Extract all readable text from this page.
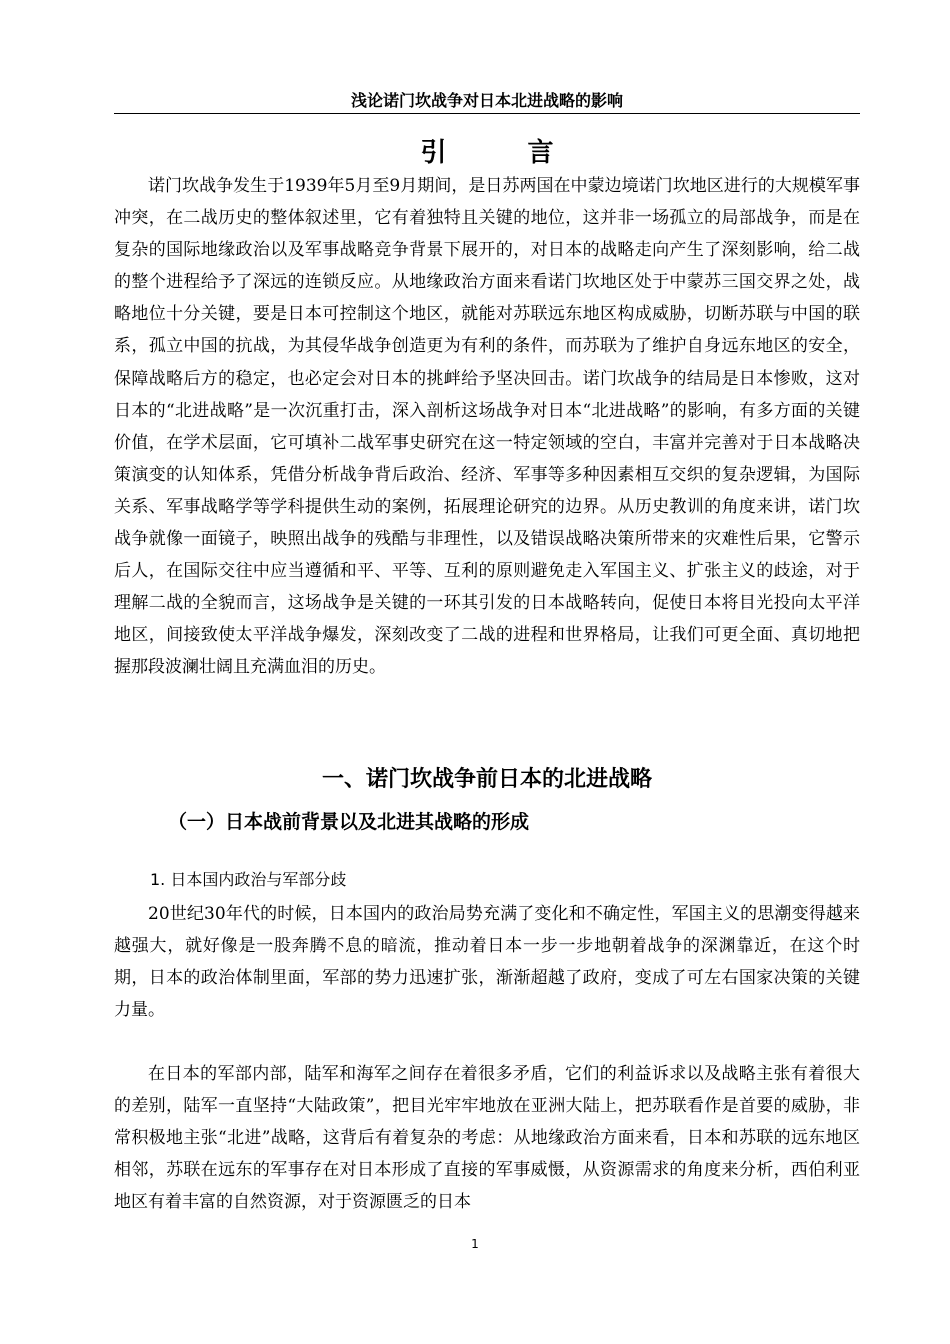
浅论诺门坎战争对日本北进战略的影响
引 言

诺门坎战争发生于1939年5月至9月期间，是日苏两国在中蒙边境诺门坎地区进行的大规模军事冲突，在二战历史的整体叙述里，它有着独特且关键的地位，这并非一场孤立的局部战争，而是在复杂的国际地缘政治以及军事战略竞争背景下展开的，对日本的战略走向产生了深刻影响，给二战的整个进程给予了深远的连锁反应。从地缘政治方面来看诺门坎地区处于中蒙苏三国交界之处，战略地位十分关键，要是日本可控制这个地区，就能对苏联远东地区构成威胁，切断苏联与中国的联系，孤立中国的抗战，为其侵华战争创造更为有利的条件，而苏联为了维护自身远东地区的安全，保障战略后方的稳定，也必定会对日本的挑衅给予坚决回击。诺门坎战争的结局是日本惨败，这对日本的“北进战略”是一次沉重打击，深入剖析这场战争对日本“北进战略”的影响，有多方面的关键价值，在学术层面，它可填补二战军事史研究在这一特定领域的空白，丰富并完善对于日本战略决策演变的认知体系，凭借分析战争背后政治、经济、军事等多种因素相互交织的复杂逻辑，为国际关系、军事战略学等学科提供生动的案例，拓展理论研究的边界。从历史教训的角度来讲，诺门坎战争就像一面镜子，映照出战争的残酷与非理性，以及错误战略决策所带来的灾难性后果，它警示后人，在国际交往中应当遵循和平、平等、互利的原则避免走入军国主义、扩张主义的歧途，对于理解二战的全貌而言，这场战争是关键的一环其引发的日本战略转向，促使日本将目光投向太平洋地区，间接致使太平洋战争爆发，深刻改变了二战的进程和世界格局，让我们可更全面、真切地把握那段波澜壮阔且充满血泪的历史。

一、诺门坎战争前日本的北进战略
（一）日本战前背景以及北进其战略的形成
1. 日本国内政治与军部分歧

20世纪30年代的时候，日本国内的政治局势充满了变化和不确定性，军国主义的思潮变得越来越强大，就好像是一股奔腾不息的暗流，推动着日本一步一步地朝着战争的深渊靠近，在这个时期，日本的政治体制里面，军部的势力迅速扩张，渐渐超越了政府，变成了可左右国家决策的关键力量。

在日本的军部内部，陆军和海军之间存在着很多矛盾，它们的利益诉求以及战略主张有着很大的差别，陆军一直坚持“大陆政策”，把目光牢牢地放在亚洲大陆上，把苏联看作是首要的威胁，非常积极地主张“北进”战略，这背后有着复杂的考虑：从地缘政治方面来看，日本和苏联的远东地区相邻，苏联在远东的军事存在对日本形成了直接的军事威慑，从资源需求的角度来分析，西伯利亚地区有着丰富的自然资源，对于资源匮乏的日本

1
